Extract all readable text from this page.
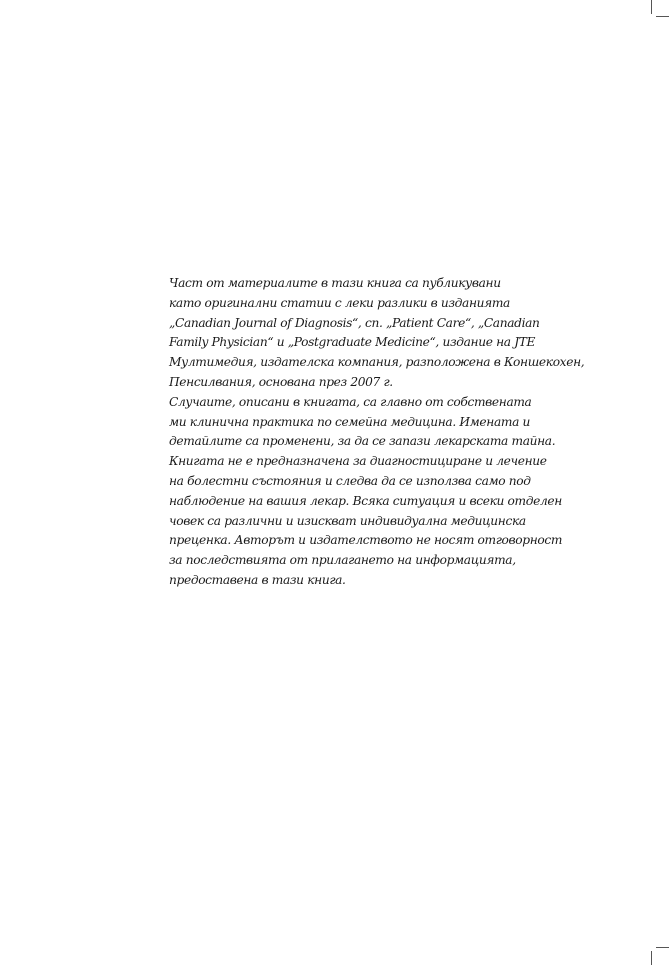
Част от материалите в тази книга са публикувани
като оригинални статии с леки разлики в изданията
„Canadian Journal of Diagnosis“, сп. „Patient Care“, „Canadian
Family Physician“ и „Postgraduate Medicine“, издание на JTE
Мултимедия, издателска компания, разположена в Коншекохен,
Пенсилвания, основана през 2007 г.

Случаите, описани в книгата, са главно от собствената
ми клинична практика по семейна медицина. Имената и
детайлите са променени, за да се запази лекарската тайна.
Книгата не е предназначена за диагностициране и лечение
на болестни състояния и следва да се използва само под
наблюдение на вашия лекар. Всяка ситуация и всеки отделен
човек са различни и изискват индивидуална медицинска
преценка. Авторът и издателството не носят отговорност
за последствията от прилагането на информацията,
предоставена в тази книга.
